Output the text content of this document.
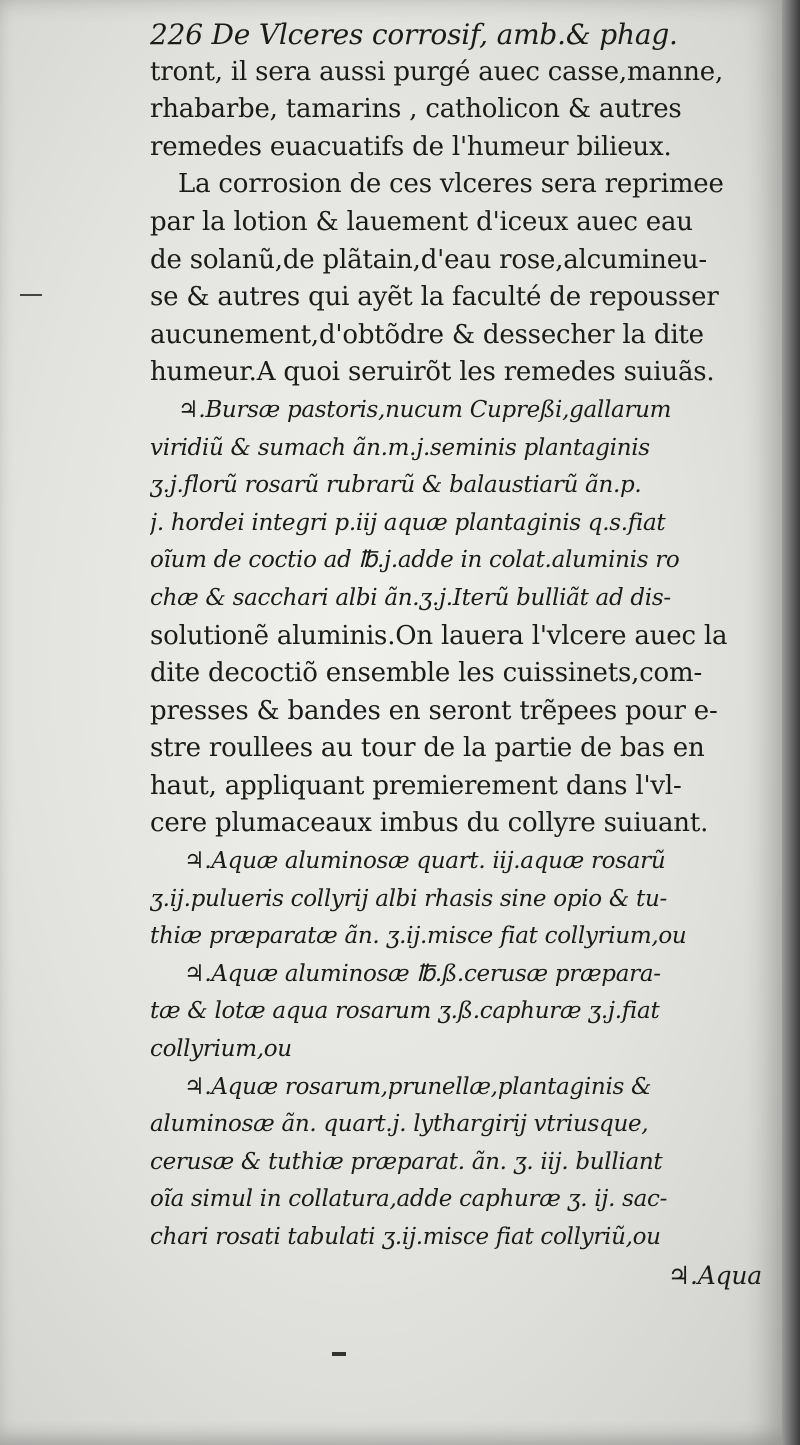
226 De Vlceres corrosif, amb.& phag.
tront, il sera aussi purgé auec casse,manne,
rhabarbe, tamarins , catholicon & autres
remedes euacuatifs de l'humeur bilieux.
La corrosion de ces vlceres sera reprimee
par la lotion & lauement d'iceux auec eau
de solanũ,de plãtain,d'eau rose,alcumineu-
se & autres qui ayẽt la faculté de repousser
aucunement,d'obtõdre & dessecher la dite
humeur.A quoi seruirõt les remedes suiuãs.
♃.Bursæ pastoris,nucum Cupreßi,gallarum
viridiũ & sumach ãn.m.j.seminis plantaginis
ʒ.j.florũ rosarũ rubrarũ & balaustiarũ ãn.p.
j. hordei integri p.iij aquæ plantaginis q.s.fiat
oĩum de coctio ad ℔.j.adde in colat.aluminis ro
chæ & sacchari albi ãn.ʒ.j.Iterũ bulliãt ad dis-
solutionẽ aluminis.On lauera l'vlcere auec la
dite decoctiõ ensemble les cuissinets,com-
presses & bandes en seront trẽpees pour e-
stre roullees au tour de la partie de bas en
haut, appliquant premierement dans l'vl-
cere plumaceaux imbus du collyre suiuant.
♃.Aquæ aluminosæ quart. iij.aquæ rosarũ
ʒ.ij.pulueris collyrij albi rhasis sine opio & tu-
thiæ præparatæ ãn. ʒ.ij.misce fiat collyrium,ou
♃.Aquæ aluminosæ ℔.ß.cerusæ præpara-
tæ & lotæ aqua rosarum ʒ.ß.caphuræ ʒ.j.fiat
collyrium,ou
♃.Aquæ rosarum,prunellæ,plantaginis &
aluminosæ ãn. quart.j. lythargirij vtriusque,
cerusæ & tuthiæ præparat. ãn. ʒ. iij. bulliant
oĩa simul in collatura,adde caphuræ ʒ. ij. sac-
chari rosati tabulati ʒ.ij.misce fiat collyriũ,ou
♃.Aqua
